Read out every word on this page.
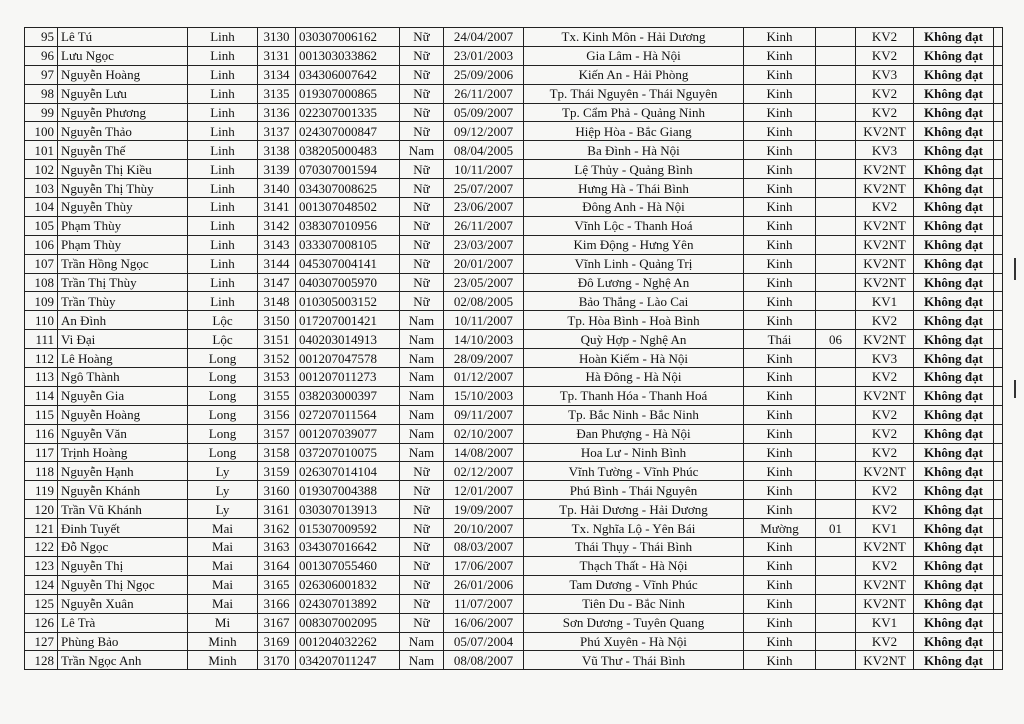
95	Lê Tú	Linh	3130	030307006162	Nữ	24/04/2007	Tx. Kinh Môn - Hải Dương	Kinh		KV2	Không đạt	
96	Lưu Ngọc	Linh	3131	001303033862	Nữ	23/01/2003	Gia Lâm - Hà Nội	Kinh		KV2	Không đạt	
97	Nguyễn Hoàng	Linh	3134	034306007642	Nữ	25/09/2006	Kiến An - Hải Phòng	Kinh		KV3	Không đạt	
98	Nguyễn Lưu	Linh	3135	019307000865	Nữ	26/11/2007	Tp. Thái Nguyên - Thái Nguyên	Kinh		KV2	Không đạt	
99	Nguyễn Phương	Linh	3136	022307001335	Nữ	05/09/2007	Tp. Cẩm Phả - Quảng Ninh	Kinh		KV2	Không đạt	
100	Nguyễn Thảo	Linh	3137	024307000847	Nữ	09/12/2007	Hiệp Hòa - Bắc Giang	Kinh		KV2NT	Không đạt	
101	Nguyễn Thế	Linh	3138	038205000483	Nam	08/04/2005	Ba Đình - Hà Nội	Kinh		KV3	Không đạt	
102	Nguyễn Thị Kiều	Linh	3139	070307001594	Nữ	10/11/2007	Lệ Thủy - Quảng Bình	Kinh		KV2NT	Không đạt	
103	Nguyễn Thị Thùy	Linh	3140	034307008625	Nữ	25/07/2007	Hưng Hà - Thái Bình	Kinh		KV2NT	Không đạt	
104	Nguyễn Thùy	Linh	3141	001307048502	Nữ	23/06/2007	Đông Anh - Hà Nội	Kinh		KV2	Không đạt	
105	Phạm Thùy	Linh	3142	038307010956	Nữ	26/11/2007	Vĩnh Lộc - Thanh Hoá	Kinh		KV2NT	Không đạt	
106	Phạm Thùy	Linh	3143	033307008105	Nữ	23/03/2007	Kim Động - Hưng Yên	Kinh		KV2NT	Không đạt	
107	Trần Hồng Ngọc	Linh	3144	045307004141	Nữ	20/01/2007	Vĩnh Linh - Quảng Trị	Kinh		KV2NT	Không đạt	
108	Trần Thị Thùy	Linh	3147	040307005970	Nữ	23/05/2007	Đô Lương - Nghệ An	Kinh		KV2NT	Không đạt	
109	Trần Thùy	Linh	3148	010305003152	Nữ	02/08/2005	Bảo Thắng - Lào Cai	Kinh		KV1	Không đạt	
110	An Đình	Lộc	3150	017207001421	Nam	10/11/2007	Tp. Hòa Bình - Hoà Bình	Kinh		KV2	Không đạt	
111	Vi Đại	Lộc	3151	040203014913	Nam	14/10/2003	Quỳ Hợp - Nghệ An	Thái	06	KV2NT	Không đạt	
112	Lê Hoàng	Long	3152	001207047578	Nam	28/09/2007	Hoàn Kiếm - Hà Nội	Kinh		KV3	Không đạt	
113	Ngô Thành	Long	3153	001207011273	Nam	01/12/2007	Hà Đông - Hà Nội	Kinh		KV2	Không đạt	
114	Nguyễn Gia	Long	3155	038203000397	Nam	15/10/2003	Tp. Thanh Hóa - Thanh Hoá	Kinh		KV2NT	Không đạt	
115	Nguyễn Hoàng	Long	3156	027207011564	Nam	09/11/2007	Tp. Bắc Ninh - Bắc Ninh	Kinh		KV2	Không đạt	
116	Nguyễn Văn	Long	3157	001207039077	Nam	02/10/2007	Đan Phượng - Hà Nội	Kinh		KV2	Không đạt	
117	Trịnh Hoàng	Long	3158	037207010075	Nam	14/08/2007	Hoa Lư - Ninh Bình	Kinh		KV2	Không đạt	
118	Nguyễn Hạnh	Ly	3159	026307014104	Nữ	02/12/2007	Vĩnh Tường - Vĩnh Phúc	Kinh		KV2NT	Không đạt	
119	Nguyễn Khánh	Ly	3160	019307004388	Nữ	12/01/2007	Phú Bình - Thái Nguyên	Kinh		KV2	Không đạt	
120	Trần Vũ Khánh	Ly	3161	030307013913	Nữ	19/09/2007	Tp. Hải Dương - Hải Dương	Kinh		KV2	Không đạt	
121	Đinh Tuyết	Mai	3162	015307009592	Nữ	20/10/2007	Tx. Nghĩa Lộ - Yên Bái	Mường	01	KV1	Không đạt	
122	Đỗ Ngọc	Mai	3163	034307016642	Nữ	08/03/2007	Thái Thụy - Thái Bình	Kinh		KV2NT	Không đạt	
123	Nguyễn Thị	Mai	3164	001307055460	Nữ	17/06/2007	Thạch Thất - Hà Nội	Kinh		KV2	Không đạt	
124	Nguyễn Thị Ngọc	Mai	3165	026306001832	Nữ	26/01/2006	Tam Dương - Vĩnh Phúc	Kinh		KV2NT	Không đạt	
125	Nguyễn Xuân	Mai	3166	024307013892	Nữ	11/07/2007	Tiên Du - Bắc Ninh	Kinh		KV2NT	Không đạt	
126	Lê Trà	Mi	3167	008307002095	Nữ	16/06/2007	Sơn Dương - Tuyên Quang	Kinh		KV1	Không đạt	
127	Phùng Bảo	Minh	3169	001204032262	Nam	05/07/2004	Phú Xuyên - Hà Nội	Kinh		KV2	Không đạt	
128	Trần Ngọc Anh	Minh	3170	034207011247	Nam	08/08/2007	Vũ Thư - Thái Bình	Kinh		KV2NT	Không đạt	
